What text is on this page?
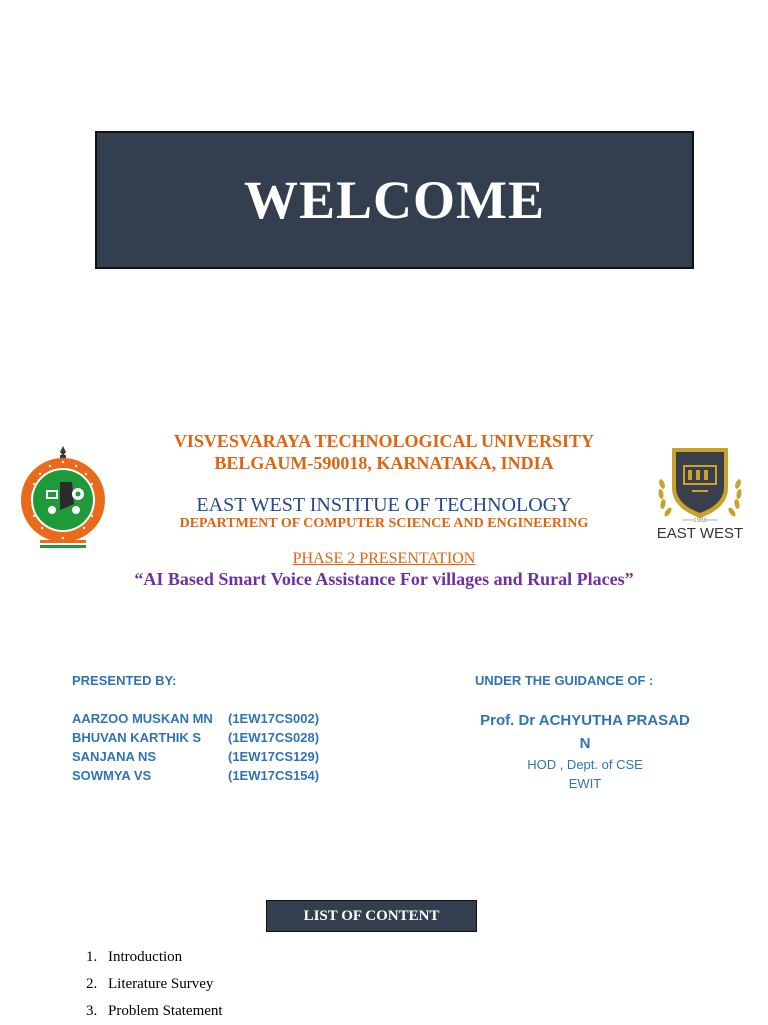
WELCOME
1988
EAST WEST
VISVESVARAYA TECHNOLOGICAL UNIVERSITY
BELGAUM-590018, KARNATAKA, INDIA
EAST WEST INSTITUE OF TECHNOLOGY
DEPARTMENT OF COMPUTER SCIENCE AND ENGINEERING
PHASE 2 PRESENTATION
“AI Based Smart Voice Assistance For villages and Rural Places”
PRESENTED BY:	UNDER THE GUIDANCE OF :
AARZOO MUSKAN MN (1EW17CS002)
BHUVAN KARTHIK S (1EW17CS028)
SANJANA NS	(1EW17CS129)
SOWMYA VS	(1EW17CS154)
Prof. Dr ACHYUTHA PRASAD
N
HOD , Dept. of CSE
EWIT
LIST OF CONTENT
1. Introduction
2. Literature Survey
3. Problem Statement
